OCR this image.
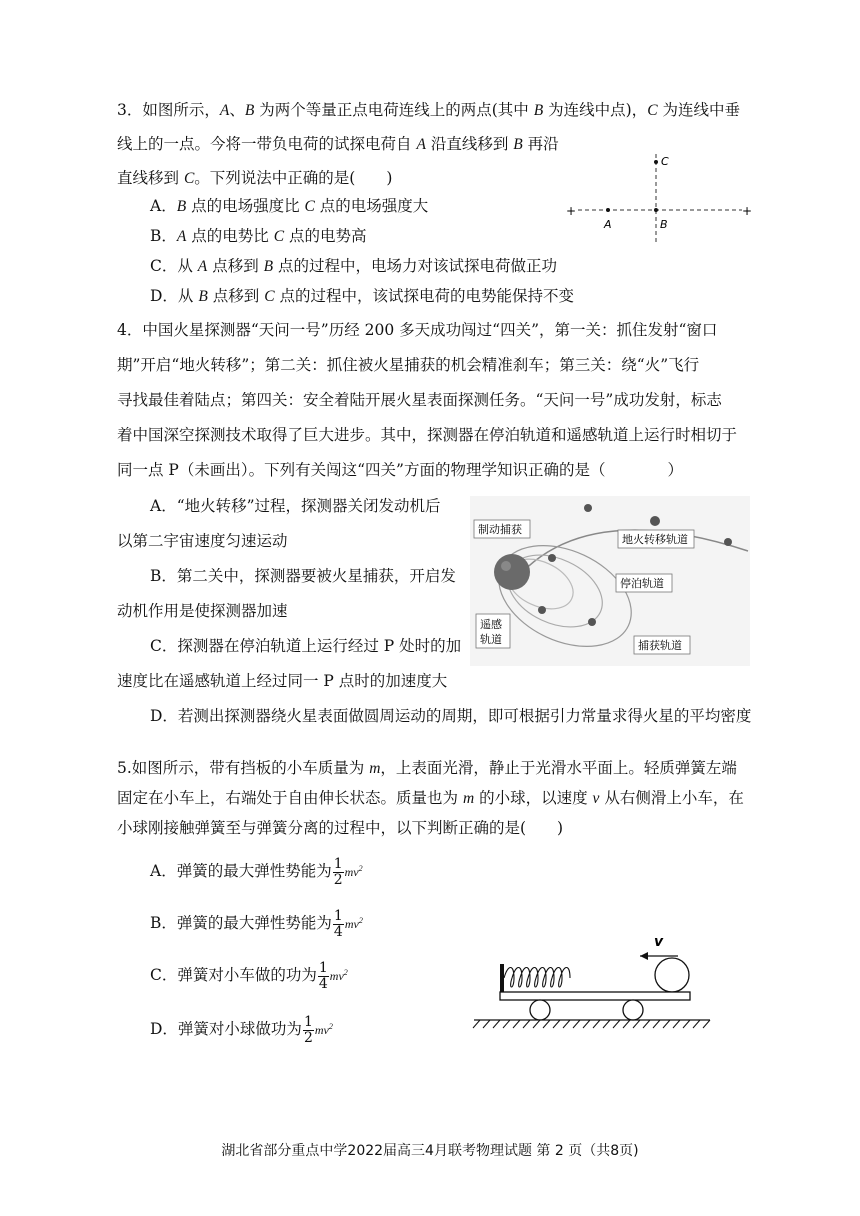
3．如图所示，A、B 为两个等量正点电荷连线上的两点(其中 B 为连线中点)，C 为连线中垂
线上的一点。今将一带负电荷的试探电荷自 A 沿直线移到 B 再沿
直线移到 C。下列说法中正确的是(　　)
A．B 点的电场强度比 C 点的电场强度大
B．A 点的电势比 C 点的电势高
C．从 A 点移到 B 点的过程中，电场力对该试探电荷做正功
D．从 B 点移到 C 点的过程中，该试探电荷的电势能保持不变
+	+
A	B
C
4．中国火星探测器“天问一号”历经 200 多天成功闯过“四关”，第一关：抓住发射“窗口
期”开启“地火转移”；第二关：抓住被火星捕获的机会精准刹车；第三关：绕“火”飞行
寻找最佳着陆点；第四关：安全着陆开展火星表面探测任务。“天问一号”成功发射，标志
着中国深空探测技术取得了巨大进步。其中，探测器在停泊轨道和遥感轨道上运行时相切于
同一点 P（未画出）。下列有关闯这“四关”方面的物理学知识正确的是（　　　　）
A．“地火转移”过程，探测器关闭发动机后
以第二宇宙速度匀速运动
B．第二关中，探测器要被火星捕获，开启发
动机作用是使探测器加速
C．探测器在停泊轨道上运行经过 P 处时的加
速度比在遥感轨道上经过同一 P 点时的加速度大
D．若测出探测器绕火星表面做圆周运动的周期，即可根据引力常量求得火星的平均密度
制动捕获
地火转移轨道
停泊轨道
遥感
轨道	捕获轨道
5.如图所示，带有挡板的小车质量为 m，上表面光滑，静止于光滑水平面上。轻质弹簧左端
固定在小车上，右端处于自由伸长状态。质量也为 m 的小球，以速度 v 从右侧滑上小车，在
小球刚接触弹簧至与弹簧分离的过程中，以下判断正确的是(　　)
A．弹簧的最大弹性势能为 $\frac{1}{2} mv^2$
B．弹簧的最大弹性势能为 $\frac{1}{4} mv^2$
C．弹簧对小车做的功为 $\frac{1}{4} mv^2$
D．弹簧对小球做功为 $\frac{1}{2} mv^2$
v
湖北省部分重点中学2022届高三4月联考物理试题 第 2 页（共8页)
